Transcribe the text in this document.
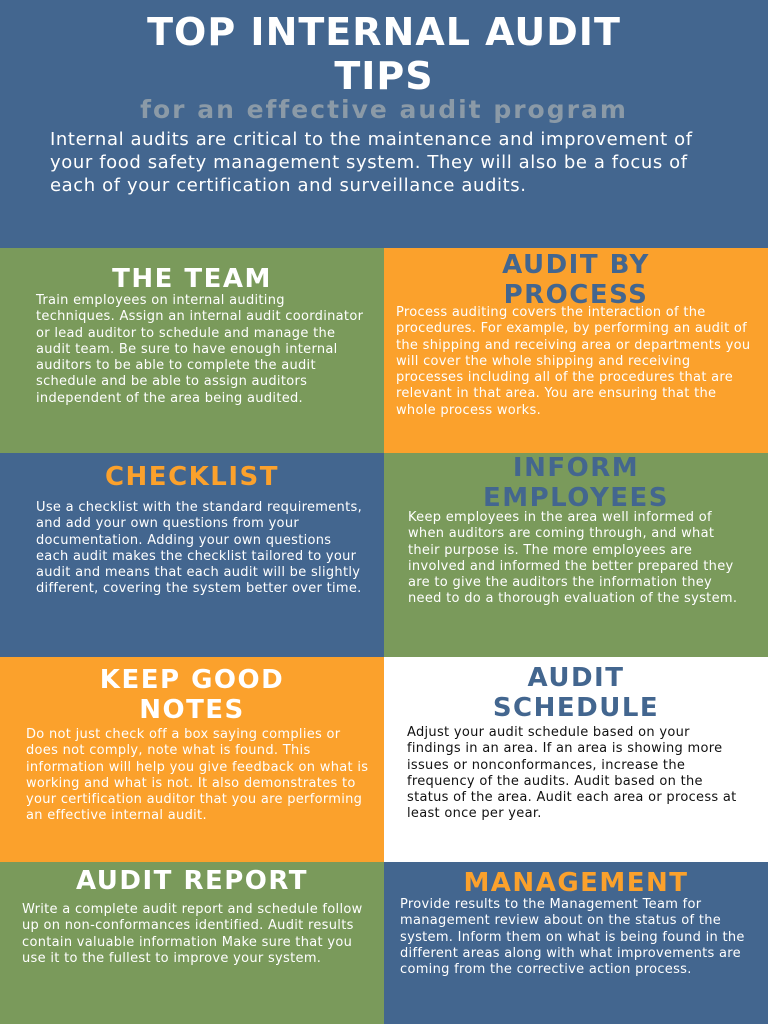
TOP INTERNAL AUDIT
TIPS
for an effective audit program
Internal audits are critical to the maintenance and improvement of your food safety management system. They will also be a focus of each of your certification and surveillance audits.
THE TEAM

Train employees on internal auditing techniques. Assign an internal audit coordinator or lead auditor to schedule and manage the audit team. Be sure to have enough internal auditors to be able to complete the audit schedule and be able to assign auditors independent of the area being audited.

AUDIT BY
PROCESS

Process auditing covers the interaction of the procedures. For example, by performing an audit of the shipping and receiving area or departments you will cover the whole shipping and receiving processes including all of the procedures that are relevant in that area. You are ensuring that the whole process works.

CHECKLIST

Use a checklist with the standard requirements, and add your own questions from your documentation. Adding your own questions each audit makes the checklist tailored to your audit and means that each audit will be slightly different, covering the system better over time.

INFORM
EMPLOYEES

Keep employees in the area well informed of when auditors are coming through, and what their purpose is. The more employees are involved and informed the better prepared they are to give the auditors the information they need to do a thorough evaluation of the system.

KEEP GOOD
NOTES

Do not just check off a box saying complies or does not comply, note what is found. This information will help you give feedback on what is working and what is not. It also demonstrates to your certification auditor that you are performing an effective internal audit.

AUDIT
SCHEDULE

Adjust your audit schedule based on your findings in an area. If an area is showing more issues or nonconformances, increase the frequency of the audits. Audit based on the status of the area. Audit each area or process at least once per year.

AUDIT REPORT

Write a complete audit report and schedule follow up on non-conformances identified. Audit results contain valuable information Make sure that you use it to the fullest to improve your system.

MANAGEMENT

Provide results to the Management Team for management review about on the status of the system. Inform them on what is being found in the different areas along with what improvements are coming from the corrective action process.
